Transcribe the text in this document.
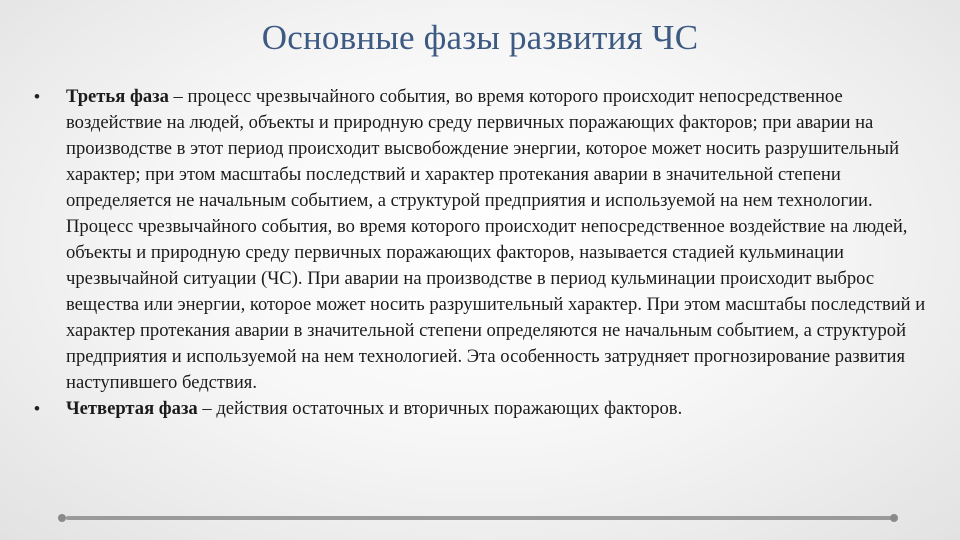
Основные фазы развития ЧС

•	Третья фаза – процесс чрезвычайного события, во время которого происходит непосредственное воздействие на людей, объекты и природную среду первичных поражающих факторов; при аварии на производстве в этот период происходит высвобождение энергии, которое может носить разрушительный характер; при этом масштабы последствий и характер протекания аварии в значительной степени определяется не начальным событием, а структурой предприятия и используемой на нем технологии. Процесс чрезвычайного события, во время которого происходит непосредственное воздействие на людей, объекты и природную среду первичных поражающих факторов, называется стадией кульминации чрезвычайной ситуации (ЧС). При аварии на производстве в период кульминации происходит выброс вещества или энергии, которое может носить разрушительный характер. При этом масштабы последствий и характер протекания аварии в значительной степени определяются не начальным событием, а структурой предприятия и используемой на нем технологией. Эта особенность затрудняет прогнозирование развития наступившего бедствия.

•	Четвертая фаза – действия остаточных и вторичных поражающих факторов.
